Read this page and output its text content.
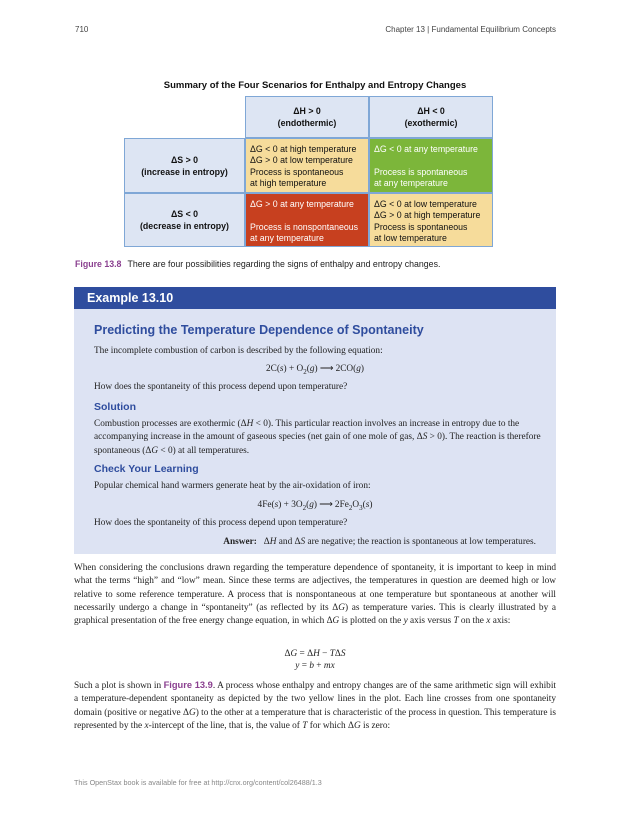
710	Chapter 13 | Fundamental Equilibrium Concepts
Summary of the Four Scenarios for Enthalpy and Entropy Changes
ΔH > 0
(endothermic)
ΔH < 0
(exothermic)
ΔS > 0
(increase in entropy)
ΔS < 0
(decrease in entropy)
ΔG < 0 at high temperature
ΔG > 0 at low temperature
Process is spontaneous
at high temperature
ΔG < 0 at any temperature
Process is spontaneous
at any temperature
ΔG > 0 at any temperature
Process is nonspontaneous
at any temperature
ΔG < 0 at low temperature
ΔG > 0 at high temperature
Process is spontaneous
at low temperature
Figure 13.8 There are four possibilities regarding the signs of enthalpy and entropy changes.
Example 13.10
Predicting the Temperature Dependence of Spontaneity
The incomplete combustion of carbon is described by the following equation:
$2C(s) + O_2(g)$ ⟶ 2CO(g)
How does the spontaneity of this process depend upon temperature?
Solution
Combustion processes are exothermic (ΔH < 0). This particular reaction involves an increase in entropy due to the accompanying increase in the amount of gaseous species (net gain of one mole of gas, ΔS > 0). The reaction is therefore spontaneous (ΔG < 0) at all temperatures.
Check Your Learning
Popular chemical hand warmers generate heat by the air-oxidation of iron:
$4Fe(s) + 3O_2(g)$ ⟶ $2Fe_2O_3(s)$
How does the spontaneity of this process depend upon temperature?
Answer:   ΔH and ΔS are negative; the reaction is spontaneous at low temperatures.
When considering the conclusions drawn regarding the temperature dependence of spontaneity, it is important to keep in mind what the terms “high” and “low” mean. Since these terms are adjectives, the temperatures in question are deemed high or low relative to some reference temperature. A process that is nonspontaneous at one temperature but spontaneous at another will necessarily undergo a change in “spontaneity” (as reflected by its ΔG) as temperature varies. This is clearly illustrated by a graphical presentation of the free energy change equation, in which ΔG is plotted on the y axis versus T on the x axis:
ΔG = ΔH − TΔS
y = b + mx
Such a plot is shown in Figure 13.9. A process whose enthalpy and entropy changes are of the same arithmetic sign will exhibit a temperature-dependent spontaneity as depicted by the two yellow lines in the plot. Each line crosses from one spontaneity domain (positive or negative ΔG) to the other at a temperature that is characteristic of the process in question. This temperature is represented by the x-intercept of the line, that is, the value of T for which ΔG is zero:
This OpenStax book is available for free at http://cnx.org/content/col26488/1.3
